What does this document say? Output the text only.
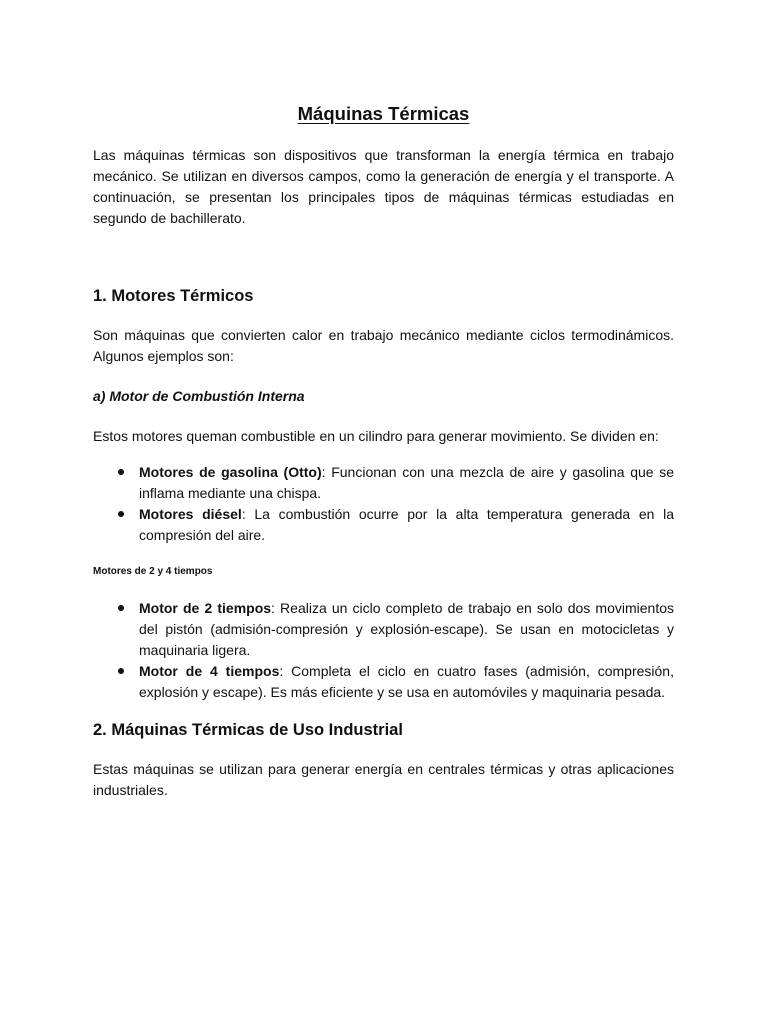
Máquinas Térmicas

Las máquinas térmicas son dispositivos que transforman la energía térmica en trabajo mecánico. Se utilizan en diversos campos, como la generación de energía y el transporte. A continuación, se presentan los principales tipos de máquinas térmicas estudiadas en segundo de bachillerato.

1. Motores Térmicos

Son máquinas que convierten calor en trabajo mecánico mediante ciclos termodinámicos. Algunos ejemplos son:

a) Motor de Combustión Interna

Estos motores queman combustible en un cilindro para generar movimiento. Se dividen en:

Motores de gasolina (Otto): Funcionan con una mezcla de aire y gasolina que se inflama mediante una chispa.
Motores diésel: La combustión ocurre por la alta temperatura generada en la compresión del aire.
Motores de 2 y 4 tiempos
Motor de 2 tiempos: Realiza un ciclo completo de trabajo en solo dos movimientos del pistón (admisión-compresión y explosión-escape). Se usan en motocicletas y maquinaria ligera.
Motor de 4 tiempos: Completa el ciclo en cuatro fases (admisión, compresión, explosión y escape). Es más eficiente y se usa en automóviles y maquinaria pesada.
2. Máquinas Térmicas de Uso Industrial

Estas máquinas se utilizan para generar energía en centrales térmicas y otras aplicaciones industriales.
